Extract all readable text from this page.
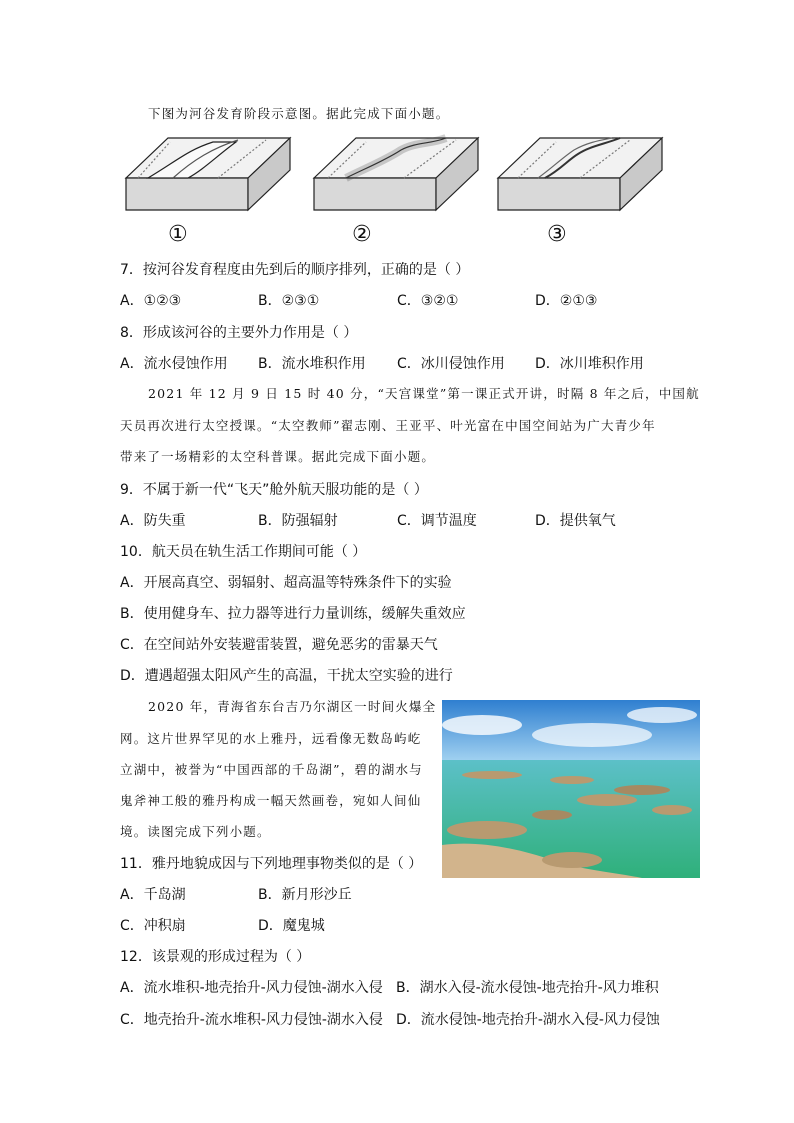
下图为河谷发育阶段示意图。据此完成下面小题。
①	②	③
7．按河谷发育程度由先到后的顺序排列，正确的是（ ）
A．①②③	B．②③①	C．③②①	D．②①③
8．形成该河谷的主要外力作用是（ ）
A．流水侵蚀作用 B．流水堆积作用 C．冰川侵蚀作用 D．冰川堆积作用
2021 年 12 月 9 日 15 时 40 分，“天宫课堂”第一课正式开讲，时隔 8 年之后，中国航
天员再次进行太空授课。“太空教师”翟志刚、王亚平、叶光富在中国空间站为广大青少年
带来了一场精彩的太空科普课。据此完成下面小题。
9．不属于新一代“飞天”舱外航天服功能的是（ ）
A．防失重	B．防强辐射	C．调节温度	D．提供氧气
10．航天员在轨生活工作期间可能（ ）
A．开展高真空、弱辐射、超高温等特殊条件下的实验
B．使用健身车、拉力器等进行力量训练，缓解失重效应
C．在空间站外安装避雷装置，避免恶劣的雷暴天气
D．遭遇超强太阳风产生的高温，干扰太空实验的进行
2020 年，青海省东台吉乃尔湖区一时间火爆全
网。这片世界罕见的水上雅丹，远看像无数岛屿屹
立湖中，被誉为“中国西部的千岛湖”，碧的湖水与
鬼斧神工般的雅丹构成一幅天然画卷，宛如人间仙
境。读图完成下列小题。
11．雅丹地貌成因与下列地理事物类似的是（ ）
A．千岛湖	B．新月形沙丘
C．冲积扇	D．魔鬼城
12．该景观的形成过程为（ ）
A．流水堆积-地壳抬升-风力侵蚀-湖水入侵 B．湖水入侵-流水侵蚀-地壳抬升-风力堆积
C．地壳抬升-流水堆积-风力侵蚀-湖水入侵 D．流水侵蚀-地壳抬升-湖水入侵-风力侵蚀
